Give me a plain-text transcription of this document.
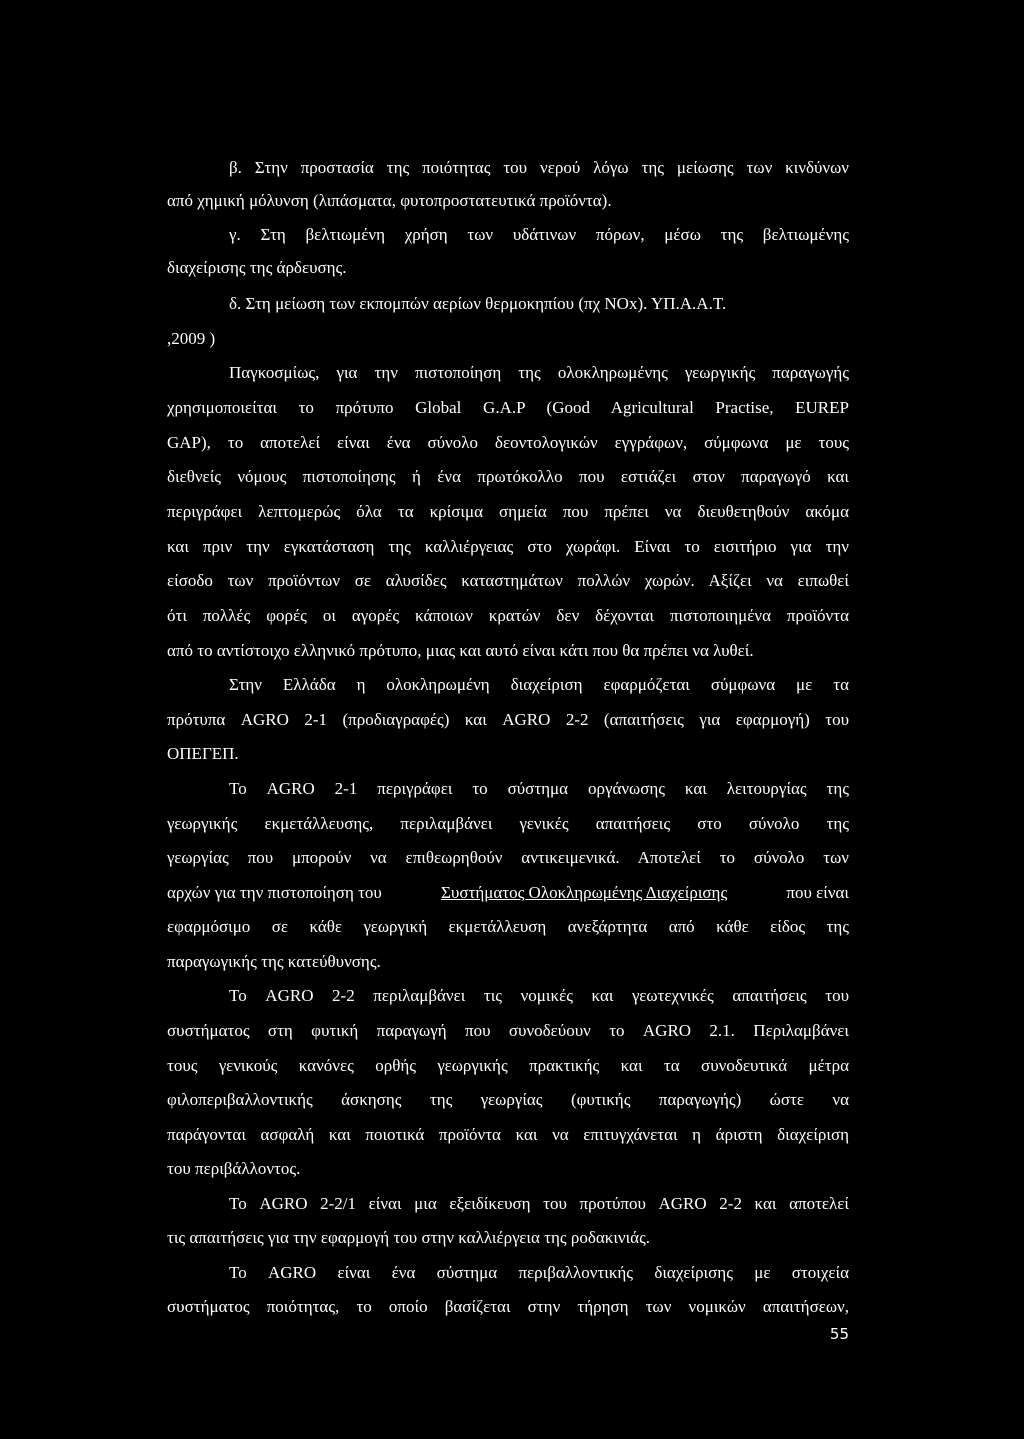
β. Στην προστασία της ποιότητας του νερού λόγω της μείωσης των κινδύνων
από χημική μόλυνση (λιπάσματα, φυτοπροστατευτικά προϊόντα).
γ. Στη βελτιωμένη χρήση των υδάτινων πόρων, μέσω της βελτιωμένης
διαχείρισης της άρδευσης.
δ. Στη μείωση των εκπομπών αερίων θερμοκηπίου (πχ NOx). ΥΠ.Α.Α.Τ.
,2009 )
Παγκοσμίως, για την πιστοποίηση της ολοκληρωμένης γεωργικής παραγωγής
χρησιμοποιείται το πρότυπο Global G.A.P (Good Agricultural Practise, EUREP
GAP), το αποτελεί είναι ένα σύνολο δεοντολογικών εγγράφων, σύμφωνα με τους
διεθνείς νόμους πιστοποίησης ή ένα πρωτόκολλο που εστιάζει στον παραγωγό και
περιγράφει λεπτομερώς όλα τα κρίσιμα σημεία που πρέπει να διευθετηθούν ακόμα
και πριν την εγκατάσταση της καλλιέργειας στο χωράφι. Είναι το εισιτήριο για την
είσοδο των προϊόντων σε αλυσίδες καταστημάτων πολλών χωρών. Αξίζει να ειπωθεί
ότι πολλές φορές οι αγορές κάποιων κρατών δεν δέχονται πιστοποιημένα προϊόντα
από το αντίστοιχο ελληνικό πρότυπο, μιας και αυτό είναι κάτι που θα πρέπει να λυθεί.
Στην Ελλάδα η ολοκληρωμένη διαχείριση εφαρμόζεται σύμφωνα με τα
πρότυπα AGRO 2-1 (προδιαγραφές) και AGRO 2-2 (απαιτήσεις για εφαρμογή) του
ΟΠΕΓΕΠ.
Το AGRO 2-1 περιγράφει το σύστημα οργάνωσης και λειτουργίας της
γεωργικής εκμετάλλευσης, περιλαμβάνει γενικές απαιτήσεις στο σύνολο της
γεωργίας που μπορούν να επιθεωρηθούν αντικειμενικά. Αποτελεί το σύνολο των
αρχών για την πιστοποίηση του	Συστήματος Ολοκληρωμένης Διαχείρισης	που είναι
εφαρμόσιμο σε κάθε γεωργική εκμετάλλευση ανεξάρτητα από κάθε είδος της
παραγωγικής της κατεύθυνσης.
Το AGRO 2-2 περιλαμβάνει τις νομικές και γεωτεχνικές απαιτήσεις του
συστήματος στη φυτική παραγωγή που συνοδεύουν το AGRO 2.1. Περιλαμβάνει
τους γενικούς κανόνες ορθής γεωργικής πρακτικής και τα συνοδευτικά μέτρα
φιλοπεριβαλλοντικής άσκησης της γεωργίας (φυτικής παραγωγής) ώστε να
παράγονται ασφαλή και ποιοτικά προϊόντα και να επιτυγχάνεται η άριστη διαχείριση
του περιβάλλοντος.
Το AGRO 2-2/1 είναι μια εξειδίκευση του προτύπου AGRO 2-2 και αποτελεί
τις απαιτήσεις για την εφαρμογή του στην καλλιέργεια της ροδακινιάς.
Το AGRO είναι ένα σύστημα περιβαλλοντικής διαχείρισης με στοιχεία
συστήματος ποιότητας, το οποίο βασίζεται στην τήρηση των νομικών απαιτήσεων,
55
